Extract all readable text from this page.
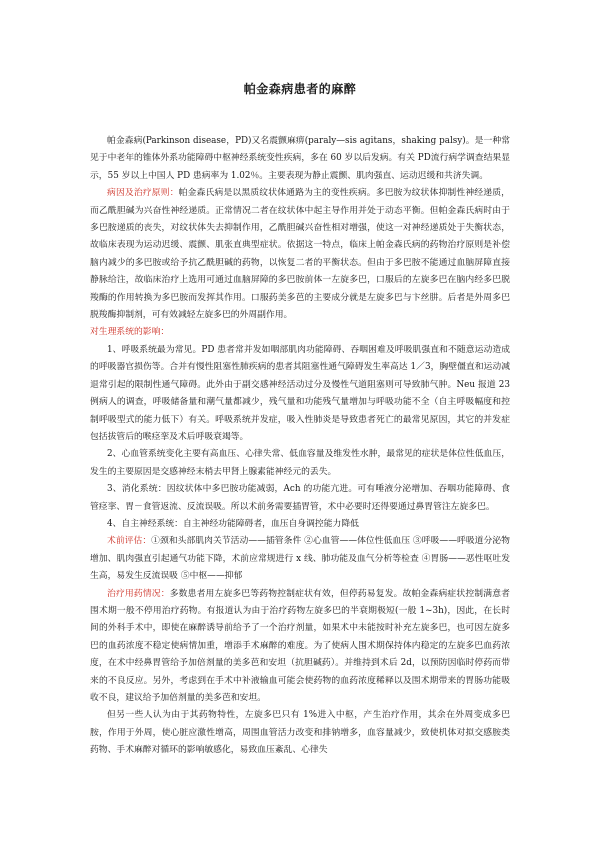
帕金森病患者的麻醉

帕金森病(Parkinson disease，PD)又名震颤麻痹(paraly—sis agitans，shaking palsy)。是一种常见于中老年的锥体外系功能障碍中枢神经系统变性疾病，多在 60 岁以后发病。有关 PD流行病学调查结果显示，55 岁以上中国人 PD 患病率为 1.02％。主要表现为静止震颤、肌肉强直、运动迟缓和共济失调。

病因及治疗原则：帕金森氏病是以黑质纹状体通路为主的变性疾病。多巴胺为纹状体抑制性神经递质，而乙酰胆碱为兴奋性神经递质。正常情况二者在纹状体中起主导作用并处于动态平衡。但帕金森氏病时由于多巴胺递质的丧失，对纹状体失去抑制作用，乙酰胆碱兴奋性相对增强，使这一对神经递质处于失衡状态，故临床表现为运动迟缓、震颤、肌张直典型症状。依据这一特点，临床上帕金森氏病的药物治疗原则是补偿脑内减少的多巴胺或给予抗乙酰胆碱的药物，以恢复二者的平衡状态。但由于多巴胺不能通过血脑屏障直接静脉给注，故临床治疗上选用可通过血脑屏障的多巴胺前体一左旋多巴，口服后的左旋多巴在脑内经多巴脱羧酶的作用转换为多巴胺而发挥其作用。口服药美多芭的主要成分就是左旋多巴与卞丝肼。后者是外周多巴脱羧酶抑制剂，可有效减轻左旋多巴的外周副作用。

对生理系统的影响：

1、呼吸系统最为常见。PD 患者常并发如咽部肌肉功能障碍、吞咽困难及呼吸肌强直和不随意运动造成的呼吸器官损伤等。合并有慢性阻塞性肺疾病的患者其阻塞性通气障碍发生率高达 1／3，胸壁僵直和运动减退常引起的限制性通气障碍。此外由于副交感神经活动过分及慢性气道阻塞则可导致肺气肿。Neu 报道 23 例病人的调查，呼吸储备量和潮气量都减少，残气量和功能残气量增加与呼吸功能不全（自主呼吸幅度和控制呼吸型式的能力低下）有关。呼吸系统并发症，吸入性肺炎是导致患者死亡的最常见原因，其它的并发症包括拔管后的喉痉挛及术后呼吸衰竭等。

2、心血管系统变化主要有高血压、心律失常、低血容量及维发性水肿，最常见的症状是体位性低血压，发生的主要原因是交感神经末梢去甲肾上腺素能神经元的丢失。

3、消化系统：因纹状体中多巴胺功能减弱，Ach 的功能亢进。可有唾液分泌增加、吞咽功能障碍、食管痉挛、胃－食管返流、反流误吸。所以术前务需要插胃管，术中必要时还得要通过鼻胃管注左旋多巴。

4、自主神经系统：自主神经功能障碍者，血压自身调控能力降低

术前评估：①颈和头部肌肉关节活动——插管条件 ②心血管——体位性低血压 ③呼吸——呼吸道分泌物增加、肌肉强直引起通气功能下降，术前应常规进行 x 线、肺功能及血气分析等检查 ④胃肠——恶性呕吐发生高，易发生反流误吸 ⑤中枢——抑郁

治疗用药情况：多数患者用左旋多巴等药物控制症状有效，但停药易复发。故帕金森病症状控制满意者围术期一般不停用治疗药物。有报道认为由于治疗药物左旋多巴的半衰期极短(一般 1~3h)，因此，在长时间的外科手术中，即使在麻醉诱导前给予了一个治疗剂量，如果术中未能按时补充左旋多巴，也可因左旋多巴的血药浓度不稳定使病情加重，增添手术麻醉的难度。为了使病人围术期保持体内稳定的左旋多巴血药浓度，在术中经鼻胃管给予加倍剂量的美多芭和安坦（抗胆碱药）。并维持到术后 2d，以预防因临时停药而带来的不良反应。另外，考虑到在手术中补液输血可能会使药物的血药浓度稀释以及围术期带来的胃肠功能吸收不良，建议给予加倍剂量的美多芭和安坦。

但另一些人认为由于其药物特性，左旋多巴只有 1%进入中枢，产生治疗作用，其余在外周变成多巴胺，作用于外周，使心脏应激性增高，周围血管活力改变和排钠增多，血容量减少，致使机体对拟交感胺类药物、手术麻醉对循环的影响敏感化，易致血压紊乱、心律失
